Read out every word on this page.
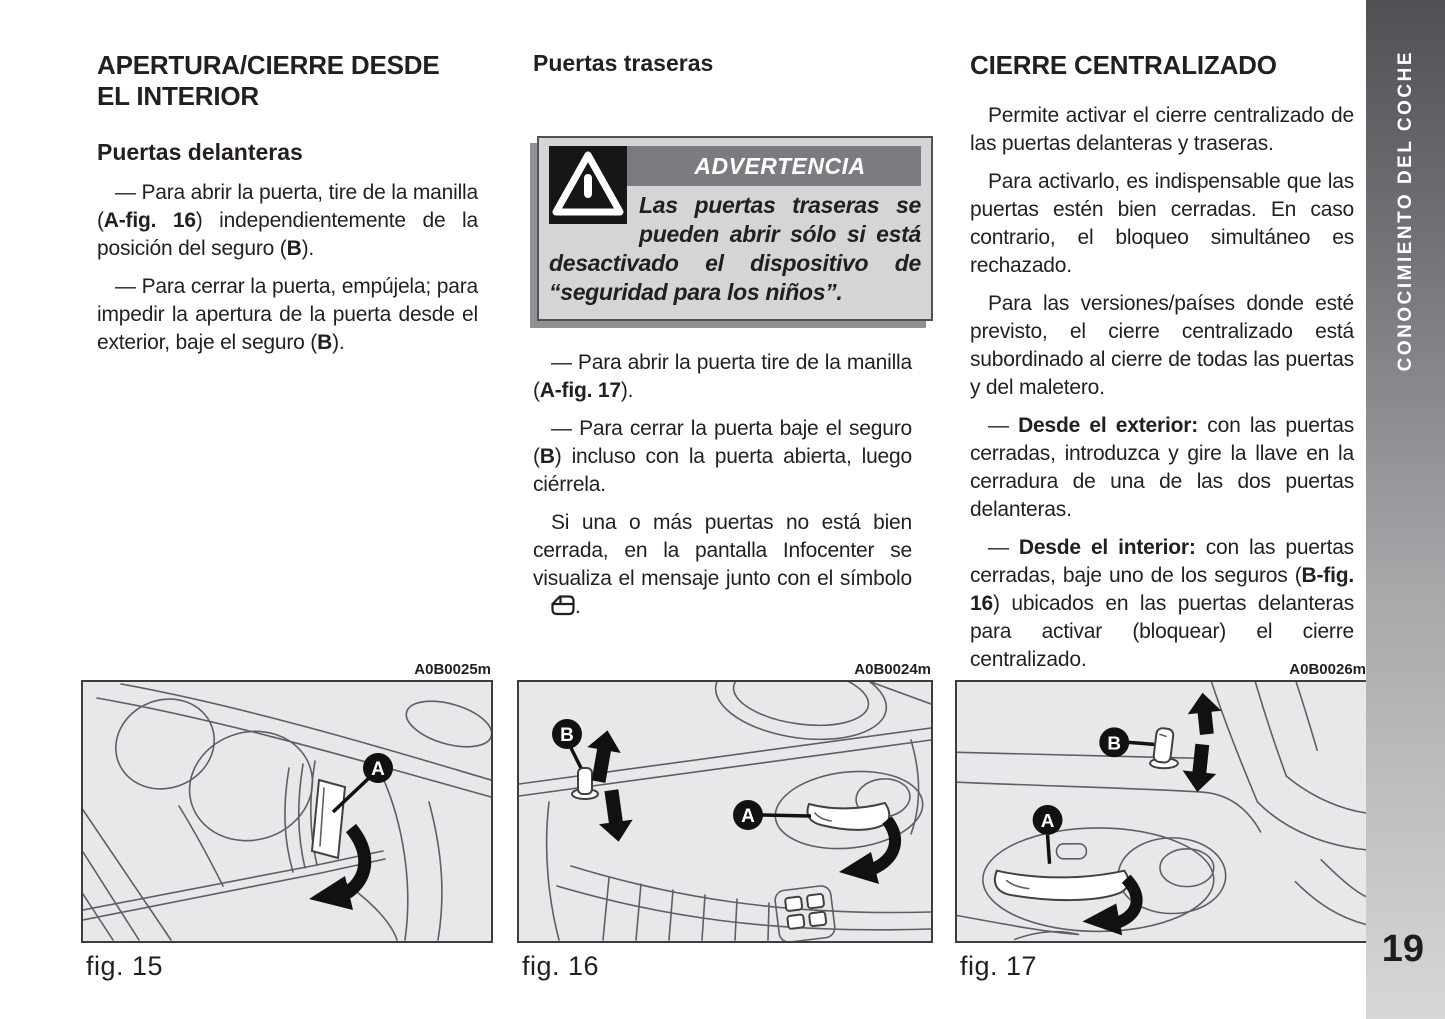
APERTURA/CIERRE DESDE EL INTERIOR
Puertas delanteras

— Para abrir la puerta, tire de la manilla (A-fig. 16) independientemente de la posición del seguro (B).

— Para cerrar la puerta, empújela; para impedir la apertura de la puerta desde el exterior, baje el seguro (B).

Puertas traseras
ADVERTENCIA
Las puertas traseras se pueden abrir sólo si está desactivado el dispositivo de “seguridad para los niños”.

— Para abrir la puerta tire de la manilla (A-fig. 17).

— Para cerrar la puerta baje el seguro (B) incluso con la puerta abierta, luego ciérrela.

Si una o más puertas no está bien cerrada, en la pantalla Infocenter se visualiza el mensaje junto con el símbolo .

CIERRE CENTRALIZADO

Permite activar el cierre centralizado de las puertas delanteras y traseras.

Para activarlo, es indispensable que las puertas estén bien cerradas. En caso contrario, el bloqueo simultáneo es rechazado.

Para las versiones/países donde esté previsto, el cierre centralizado está subordinado al cierre de todas las puertas y del maletero.

— Desde el exterior: con las puertas cerradas, introduzca y gire la llave en la cerradura de una de las dos puertas delanteras.

— Desde el interior: con las puertas cerradas, baje uno de los seguros (B-fig. 16) ubicados en las puertas delanteras para activar (bloquear) el cierre centralizado.

A0B0025m
A
fig. 15
A0B0024m
B
A
fig. 16
A0B0026m
B
A
fig. 17
CONOCIMIENTO DEL COCHE
19
